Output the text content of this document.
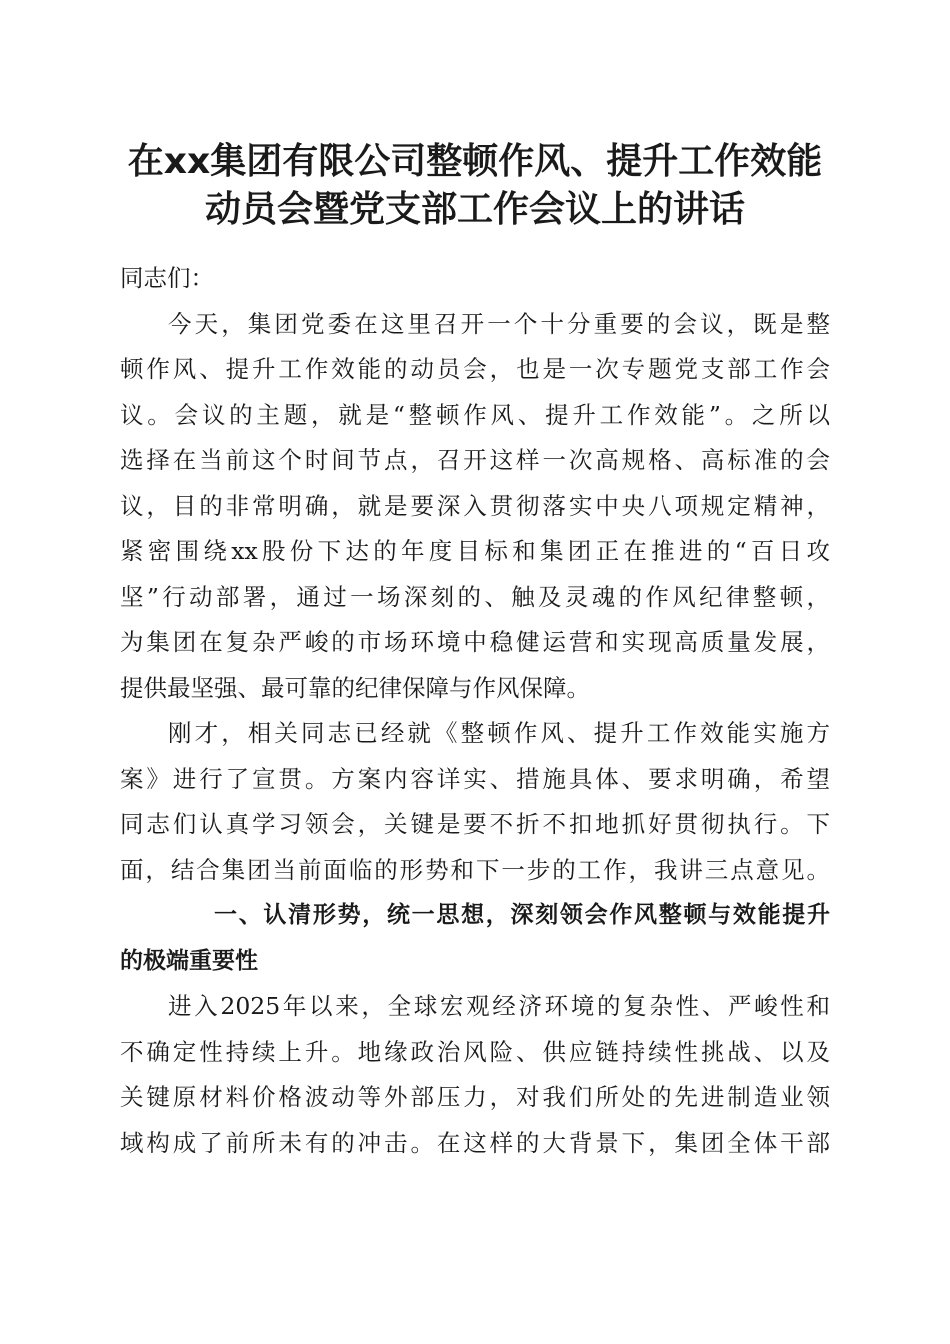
在xx集团有限公司整顿作风、提升工作效能
动员会暨党支部工作会议上的讲话

同志们：

今天，集团党委在这里召开一个十分重要的会议，既是整
顿作风、提升工作效能的动员会，也是一次专题党支部工作会
议。会议的主题，就是“整顿作风、提升工作效能”。之所以
选择在当前这个时间节点，召开这样一次高规格、高标准的会
议，目的非常明确，就是要深入贯彻落实中央八项规定精神，
紧密围绕xx股份下达的年度目标和集团正在推进的“百日攻
坚”行动部署，通过一场深刻的、触及灵魂的作风纪律整顿，
为集团在复杂严峻的市场环境中稳健运营和实现高质量发展，
提供最坚强、最可靠的纪律保障与作风保障。

刚才，相关同志已经就《整顿作风、提升工作效能实施方
案》进行了宣贯。方案内容详实、措施具体、要求明确，希望
同志们认真学习领会，关键是要不折不扣地抓好贯彻执行。下
面，结合集团当前面临的形势和下一步的工作，我讲三点意见。

一、认清形势，统一思想，深刻领会作风整顿与效能提升
的极端重要性

进入2025年以来，全球宏观经济环境的复杂性、严峻性和
不确定性持续上升。地缘政治风险、供应链持续性挑战、以及
关键原材料价格波动等外部压力，对我们所处的先进制造业领
域构成了前所未有的冲击。在这样的大背景下，集团全体干部
